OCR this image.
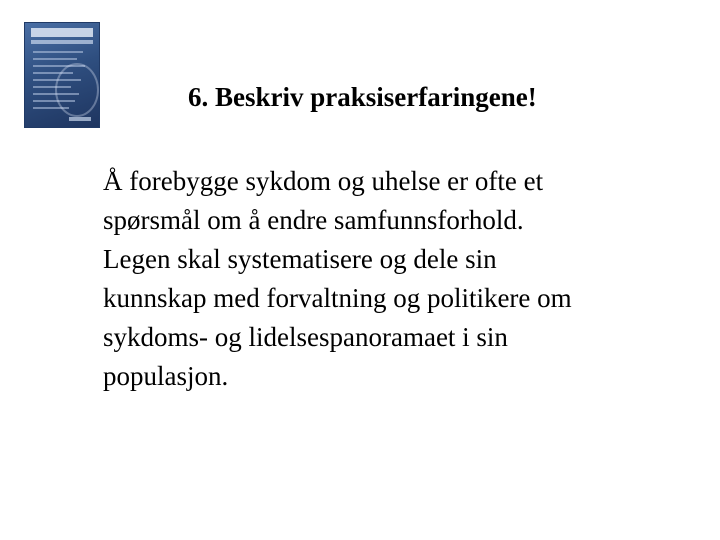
6. Beskriv praksiserfaringene!

Å forebygge sykdom og uhelse er ofte et
spørsmål om å endre samfunnsforhold.
Legen skal systematisere og dele sin
kunnskap med forvaltning og politikere om
sykdoms- og lidelsespanoramaet i sin
populasjon.
